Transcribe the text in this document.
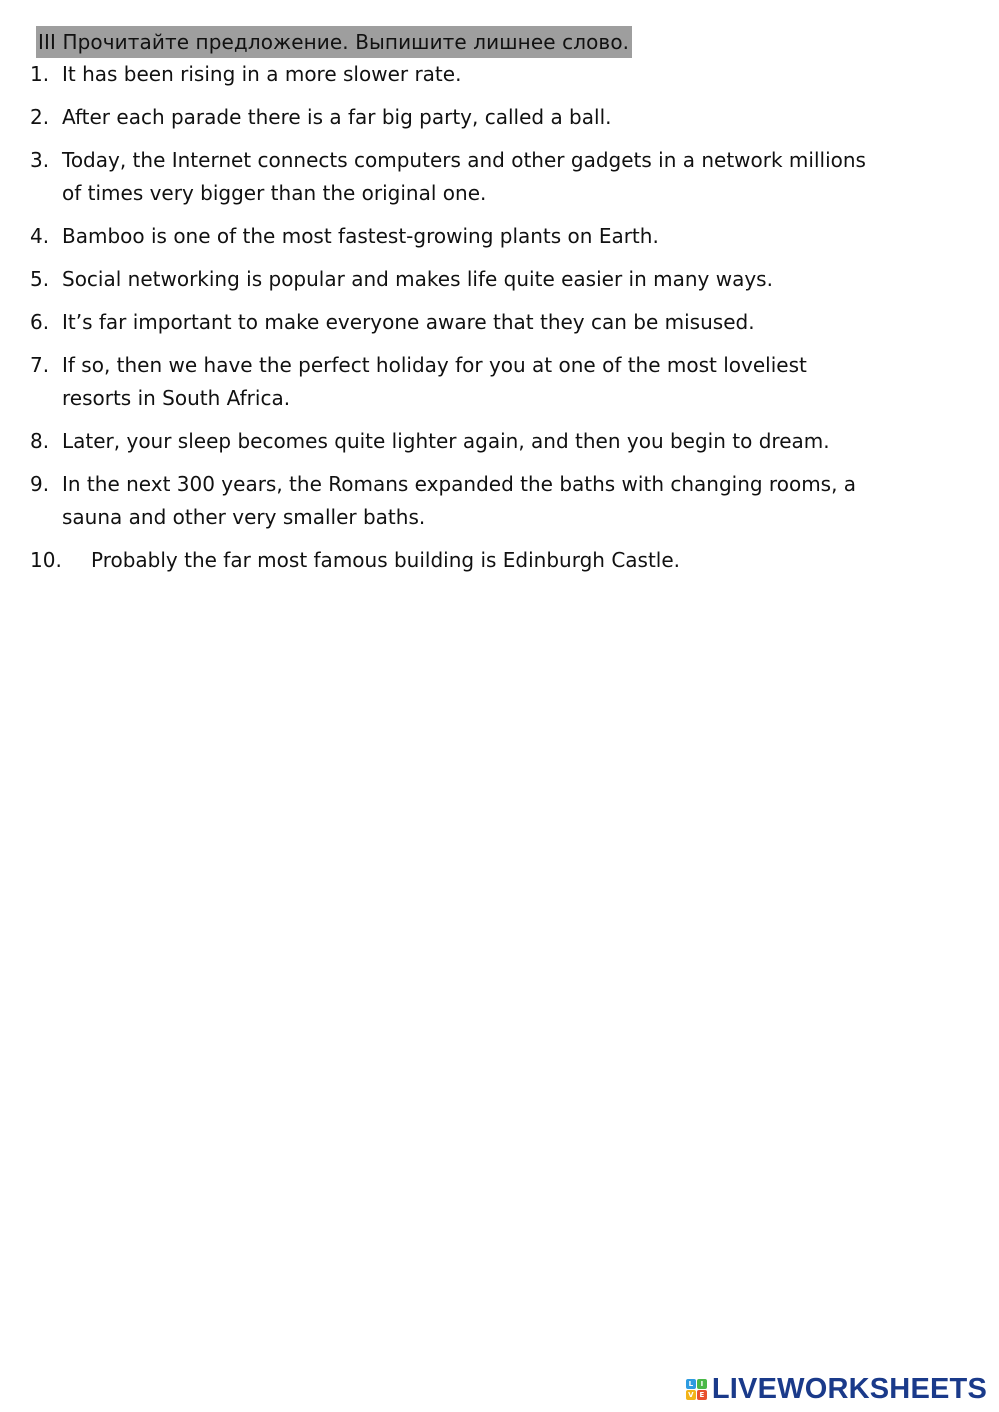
III Прочитайте предложение. Выпишите лишнее слово.
1. It has been rising in a more slower rate.
2. After each parade there is a far big party, called a ball.
3. Today, the Internet connects computers and other gadgets in a network millions
of times very bigger than the original one.
4. Bamboo is one of the most fastest-growing plants on Earth.
5. Social networking is popular and makes life quite easier in many ways.
6. It’s far important to make everyone aware that they can be misused.
7. If so, then we have the perfect holiday for you at one of the most loveliest
resorts in South Africa.
8. Later, your sleep becomes quite lighter again, and then you begin to dream.
9. In the next 300 years, the Romans expanded the baths with changing rooms, a
sauna and other very smaller baths.
10. Probably the far most famous building is Edinburgh Castle.
L	I
V E LIVEWORKSHEETS
